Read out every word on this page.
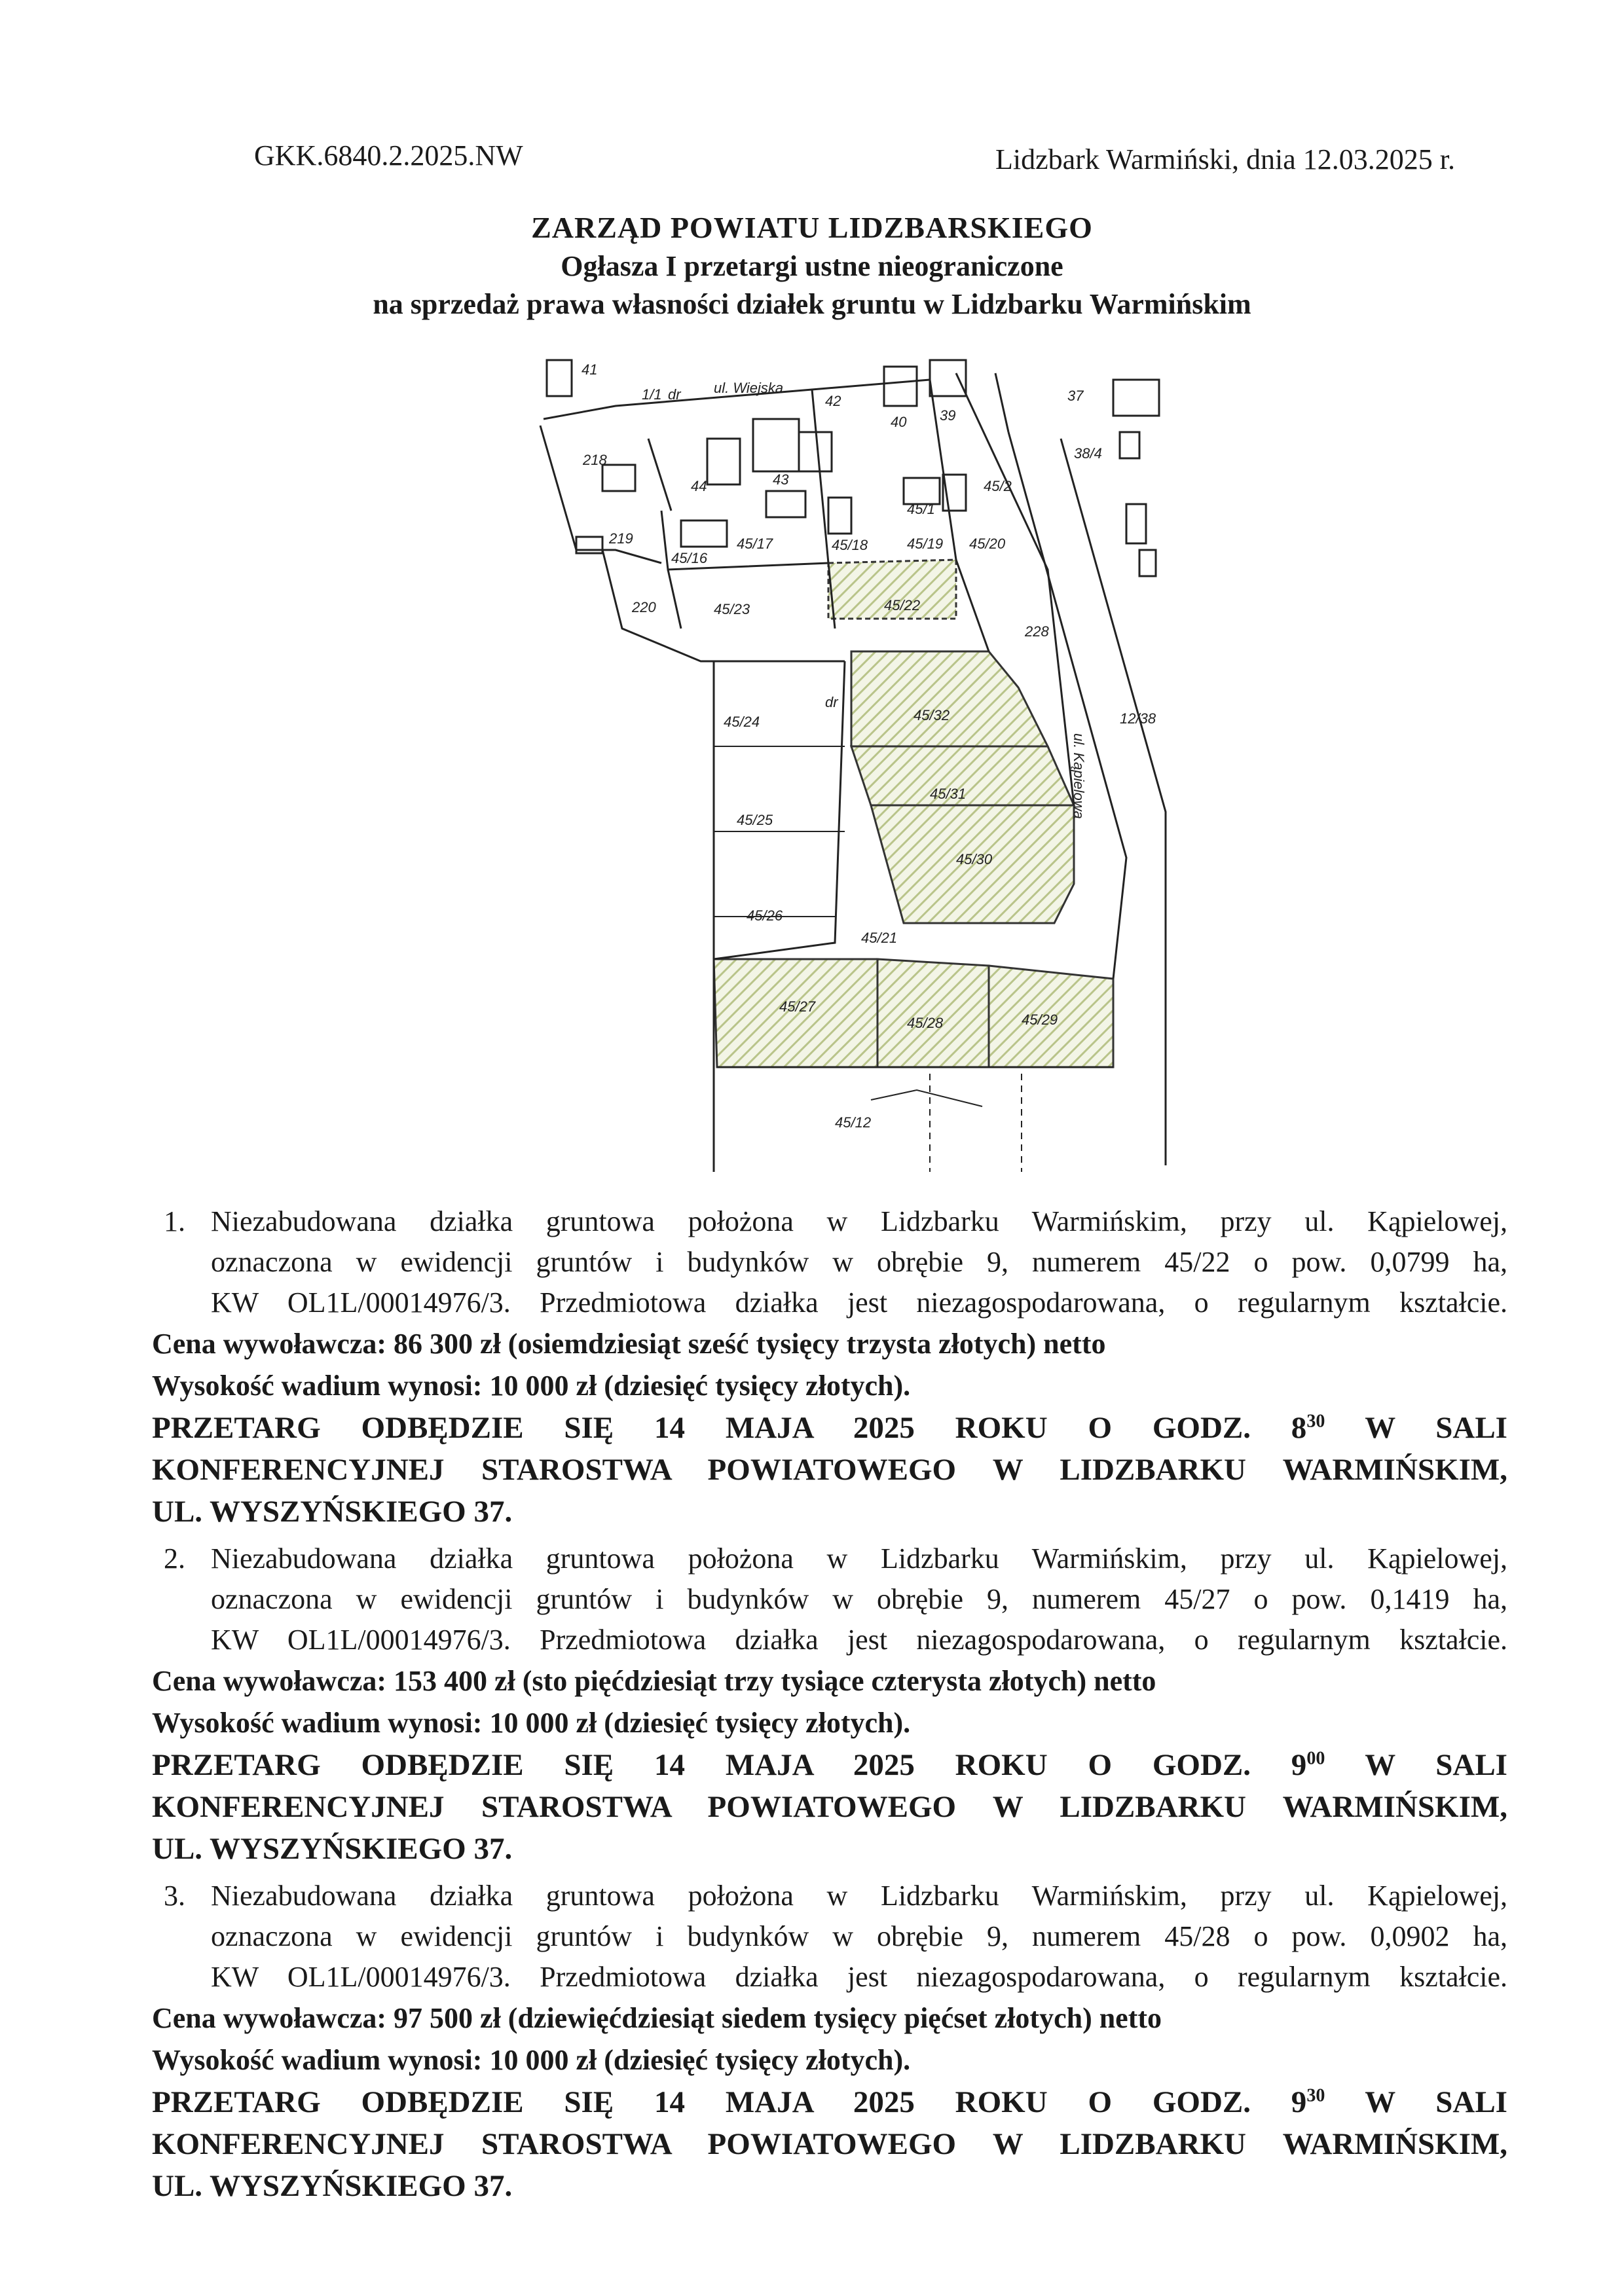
GKK.6840.2.2025.NW	Lidzbark Warmiński, dnia 12.03.2025 r.
ZARZĄD POWIATU LIDZBARSKIEGO
Ogłasza I przetargi ustne nieograniczone
na sprzedaż prawa własności działek gruntu w Lidzbarku Warmińskim
41
1/1 dr ul. Wiejska
42
40 39
37
38/4
218
44	43	45/2
45/1
219
45/16
45/17	45/18	45/19 45/20
220	45/23	45/22
228
dr
45/24	45/32	12/38
ul. Kąpielowa
45/25
45/31
45/30
45/26
45/21
45/27
45/28	45/29
45/12
1. Niezabudowana działka gruntowa położona w Lidzbarku Warmińskim, przy ul. Kąpielowej,
oznaczona w ewidencji gruntów i budynków w obrębie 9, numerem 45/22 o pow. 0,0799 ha,
KW OL1L/00014976/3. Przedmiotowa działka jest niezagospodarowana, o regularnym kształcie.
Cena wywoławcza: 86 300 zł (osiemdziesiąt sześć tysięcy trzysta złotych) netto
Wysokość wadium wynosi: 10 000 zł (dziesięć tysięcy złotych).
PRZETARG ODBĘDZIE SIĘ 14 MAJA 2025 ROKU O GODZ. $8^{30}$ W SALI
KONFERENCYJNEJ STAROSTWA POWIATOWEGO W LIDZBARKU WARMIŃSKIM,
UL. WYSZYŃSKIEGO 37.
2. Niezabudowana działka gruntowa położona w Lidzbarku Warmińskim, przy ul. Kąpielowej,
oznaczona w ewidencji gruntów i budynków w obrębie 9, numerem 45/27 o pow. 0,1419 ha,
KW OL1L/00014976/3. Przedmiotowa działka jest niezagospodarowana, o regularnym kształcie.
Cena wywoławcza: 153 400 zł (sto pięćdziesiąt trzy tysiące czterysta złotych) netto
Wysokość wadium wynosi: 10 000 zł (dziesięć tysięcy złotych).
PRZETARG ODBĘDZIE SIĘ 14 MAJA 2025 ROKU O GODZ. $9^{00}$ W SALI
KONFERENCYJNEJ STAROSTWA POWIATOWEGO W LIDZBARKU WARMIŃSKIM,
UL. WYSZYŃSKIEGO 37.
3. Niezabudowana działka gruntowa położona w Lidzbarku Warmińskim, przy ul. Kąpielowej,
oznaczona w ewidencji gruntów i budynków w obrębie 9, numerem 45/28 o pow. 0,0902 ha,
KW OL1L/00014976/3. Przedmiotowa działka jest niezagospodarowana, o regularnym kształcie.
Cena wywoławcza: 97 500 zł (dziewięćdziesiąt siedem tysięcy pięćset złotych) netto
Wysokość wadium wynosi: 10 000 zł (dziesięć tysięcy złotych).
PRZETARG ODBĘDZIE SIĘ 14 MAJA 2025 ROKU O GODZ. $9^{30}$ W SALI
KONFERENCYJNEJ STAROSTWA POWIATOWEGO W LIDZBARKU WARMIŃSKIM,
UL. WYSZYŃSKIEGO 37.
